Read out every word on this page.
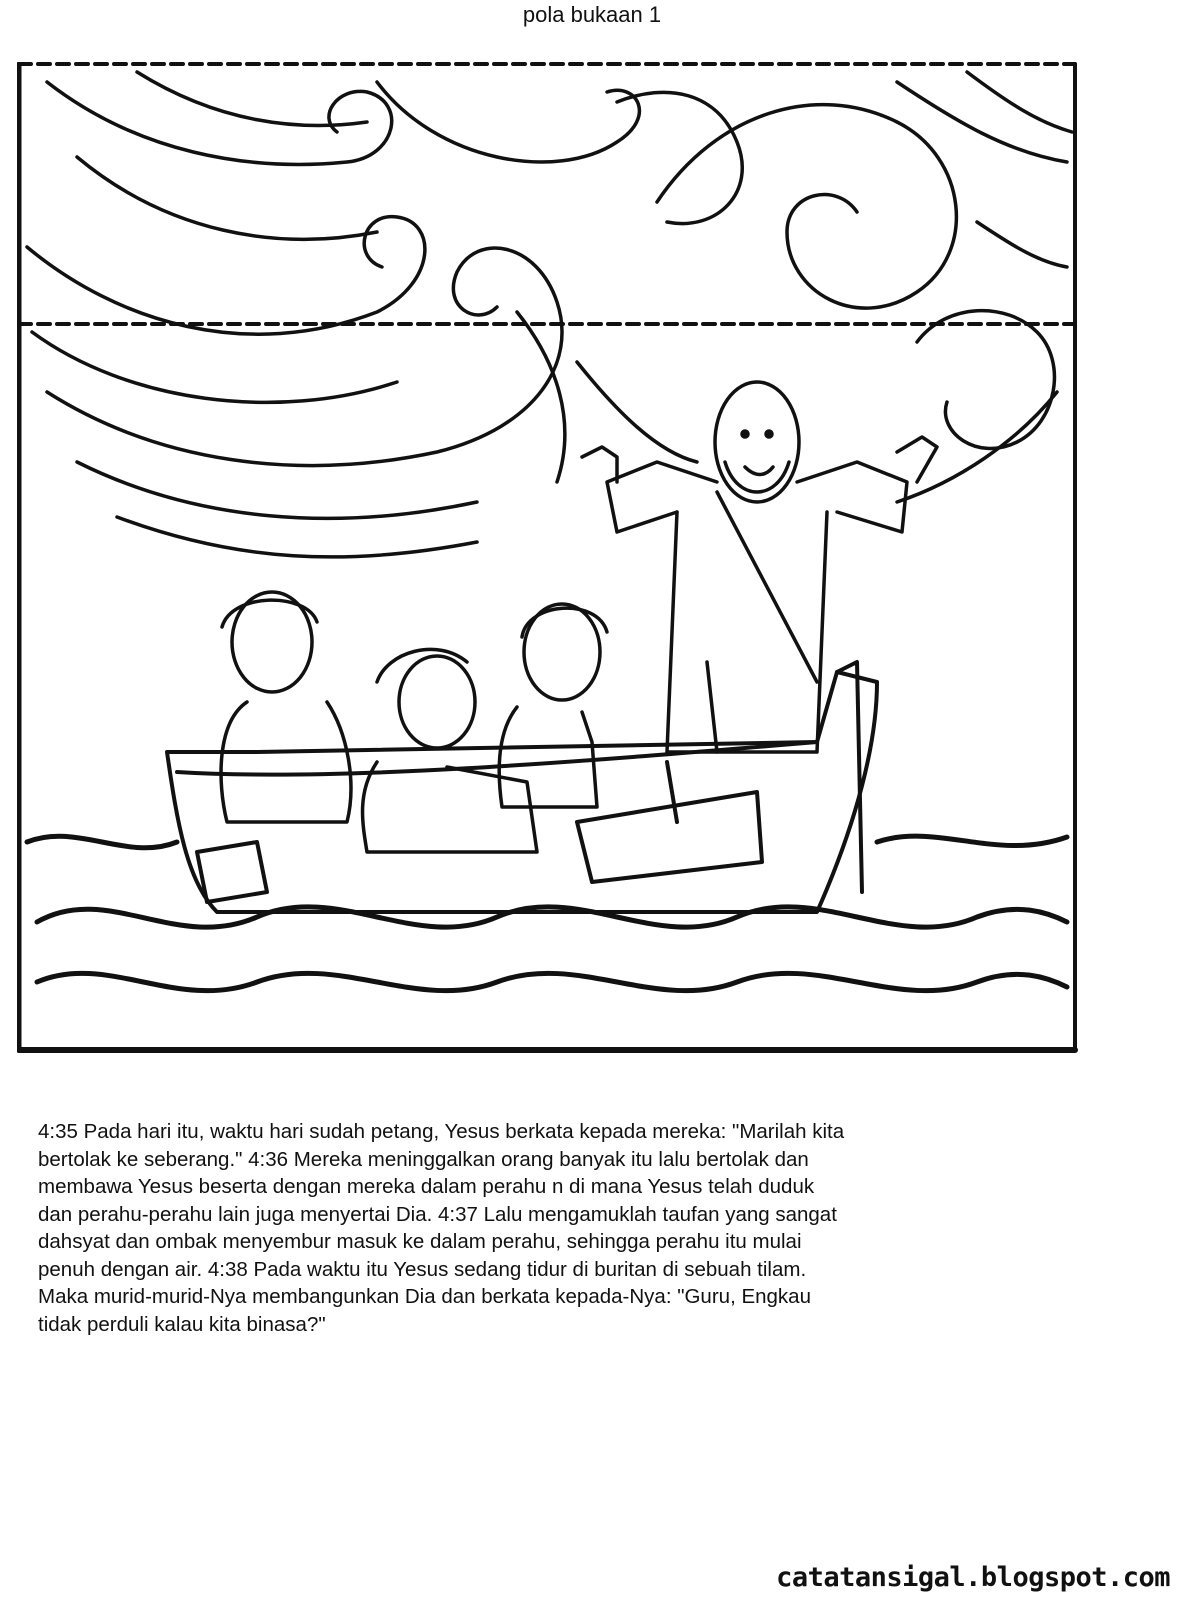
pola bukaan 1
4:35 Pada hari itu, waktu hari sudah petang, Yesus berkata kepada mereka: "Marilah kita
bertolak ke seberang." 4:36 Mereka meninggalkan orang banyak itu lalu bertolak dan
membawa Yesus beserta dengan mereka dalam perahu n di mana Yesus telah duduk
dan perahu-perahu lain juga menyertai Dia. 4:37 Lalu mengamuklah taufan yang sangat
dahsyat dan ombak menyembur masuk ke dalam perahu, sehingga perahu itu mulai
penuh dengan air. 4:38 Pada waktu itu Yesus sedang tidur di buritan di sebuah tilam.
Maka murid-murid-Nya membangunkan Dia dan berkata kepada-Nya: "Guru, Engkau
tidak perduli kalau kita binasa?"
catatansigal.blogspot.com
